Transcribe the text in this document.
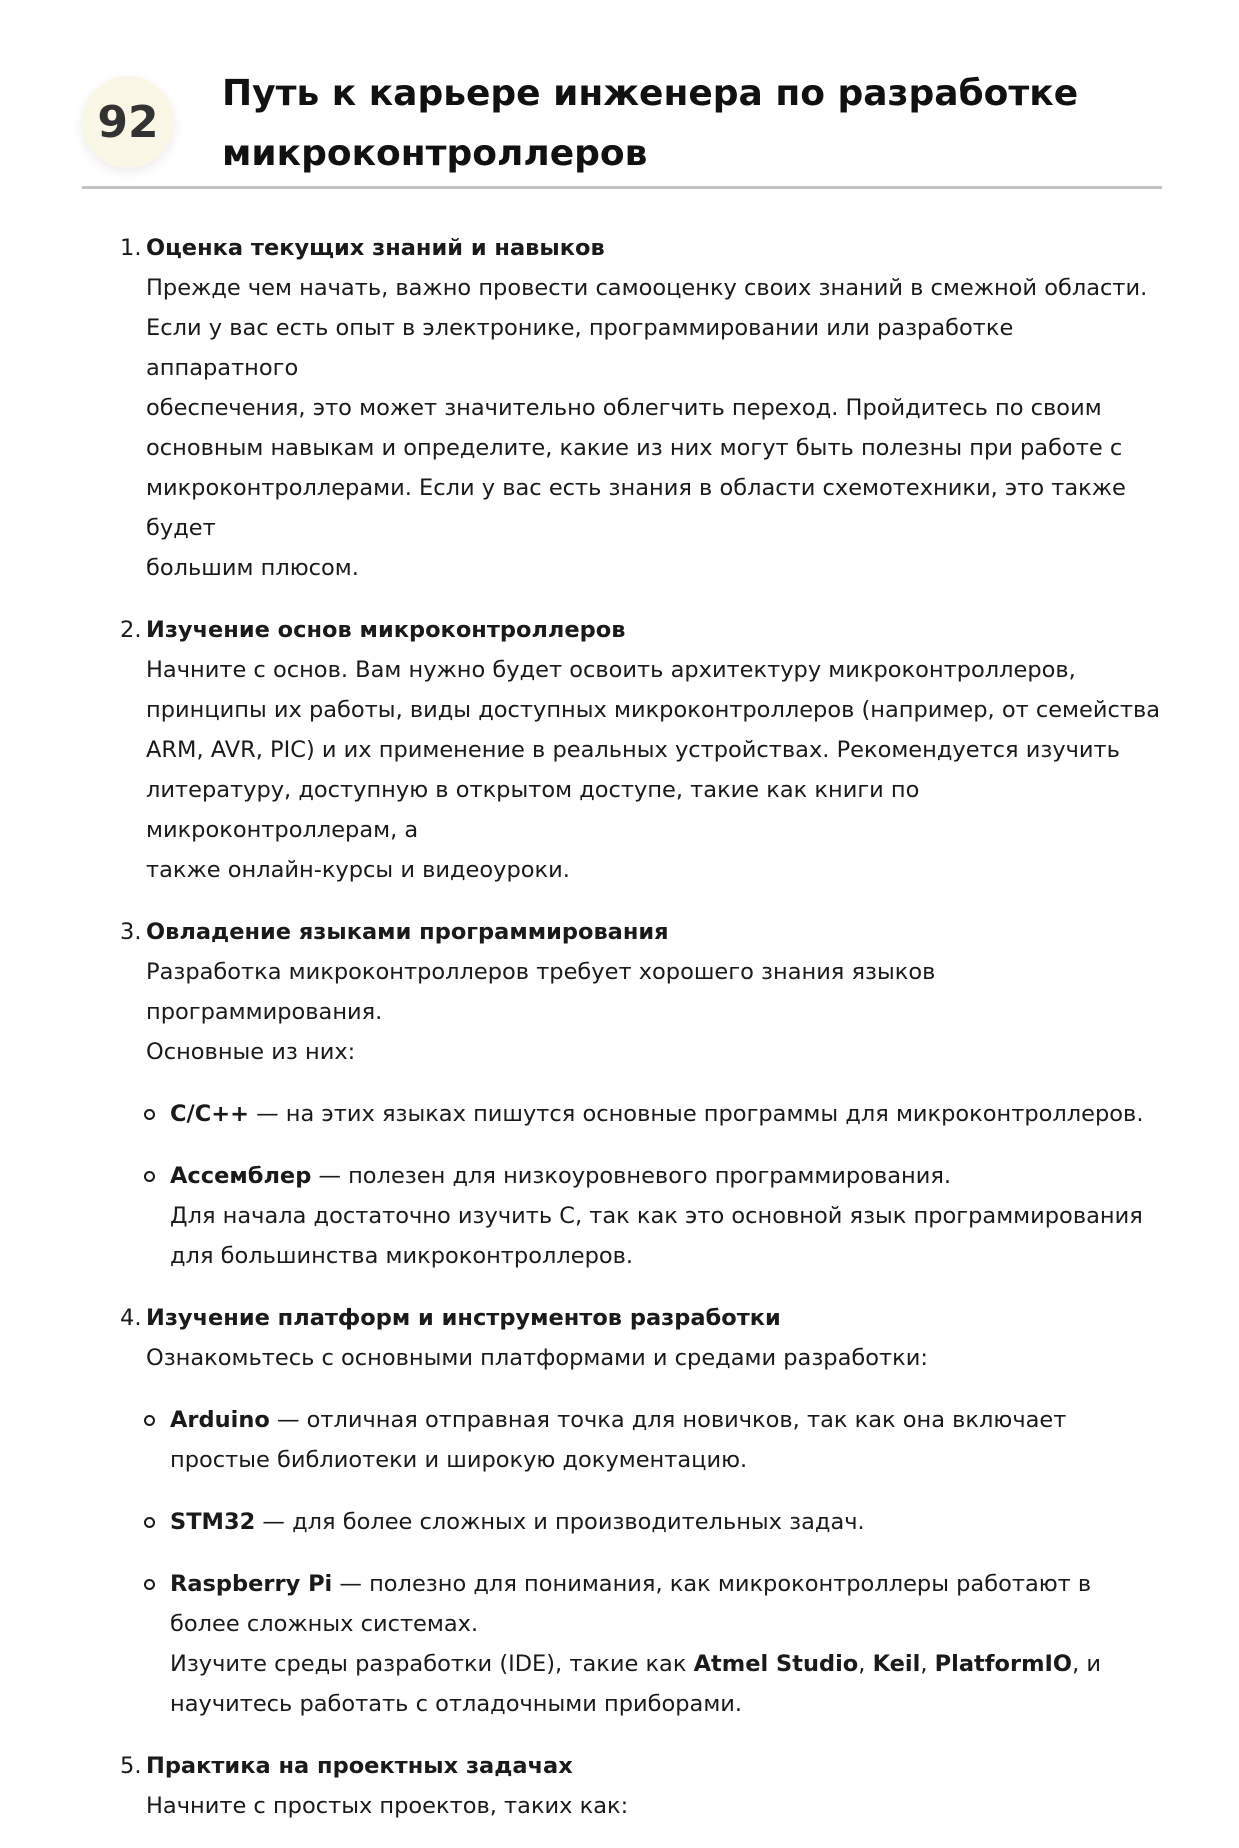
92
Путь к карьере инженера по разработке
микроконтроллеров
1. Оценка текущих знаний и навыков
Прежде чем начать, важно провести самооценку своих знаний в смежной области.
Если у вас есть опыт в электронике, программировании или разработке аппаратного
обеспечения, это может значительно облегчить переход. Пройдитесь по своим
основным навыкам и определите, какие из них могут быть полезны при работе с
микроконтроллерами. Если у вас есть знания в области схемотехники, это также будет
большим плюсом.
2. Изучение основ микроконтроллеров
Начните с основ. Вам нужно будет освоить архитектуру микроконтроллеров,
принципы их работы, виды доступных микроконтроллеров (например, от семейства
ARM, AVR, PIC) и их применение в реальных устройствах. Рекомендуется изучить
литературу, доступную в открытом доступе, такие как книги по микроконтроллерам, а
также онлайн-курсы и видеоуроки.
3. Овладение языками программирования
Разработка микроконтроллеров требует хорошего знания языков программирования.
Основные из них:
C/C++ — на этих языках пишутся основные программы для микроконтроллеров.
Ассемблер — полезен для низкоуровневого программирования.
Для начала достаточно изучить C, так как это основной язык программирования
для большинства микроконтроллеров.
4. Изучение платформ и инструментов разработки
Ознакомьтесь с основными платформами и средами разработки:
Arduino — отличная отправная точка для новичков, так как она включает
простые библиотеки и широкую документацию.
STM32 — для более сложных и производительных задач.
Raspberry Pi — полезно для понимания, как микроконтроллеры работают в
более сложных системах.
Изучите среды разработки (IDE), такие как Atmel Studio, Keil, PlatformIO, и
научитесь работать с отладочными приборами.
5. Практика на проектных задачах
Начните с простых проектов, таких как:
